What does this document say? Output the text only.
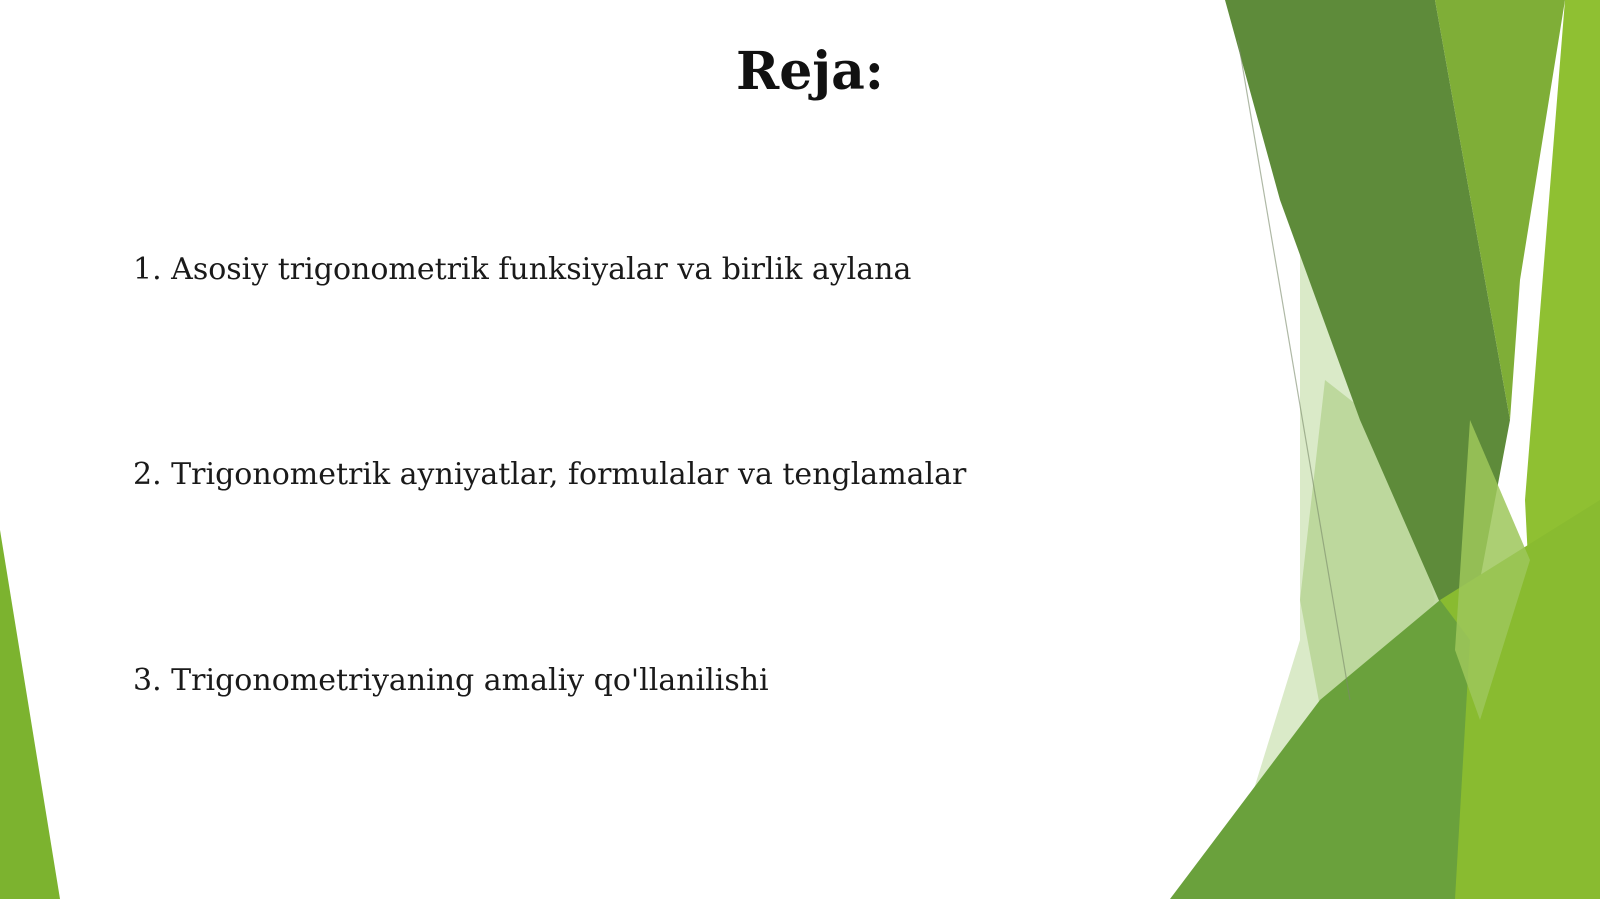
Reja:
1. Asosiy trigonometrik funksiyalar va birlik aylana
2. Trigonometrik ayniyatlar, formulalar va tenglamalar
3. Trigonometriyaning amaliy qo'llanilishi
